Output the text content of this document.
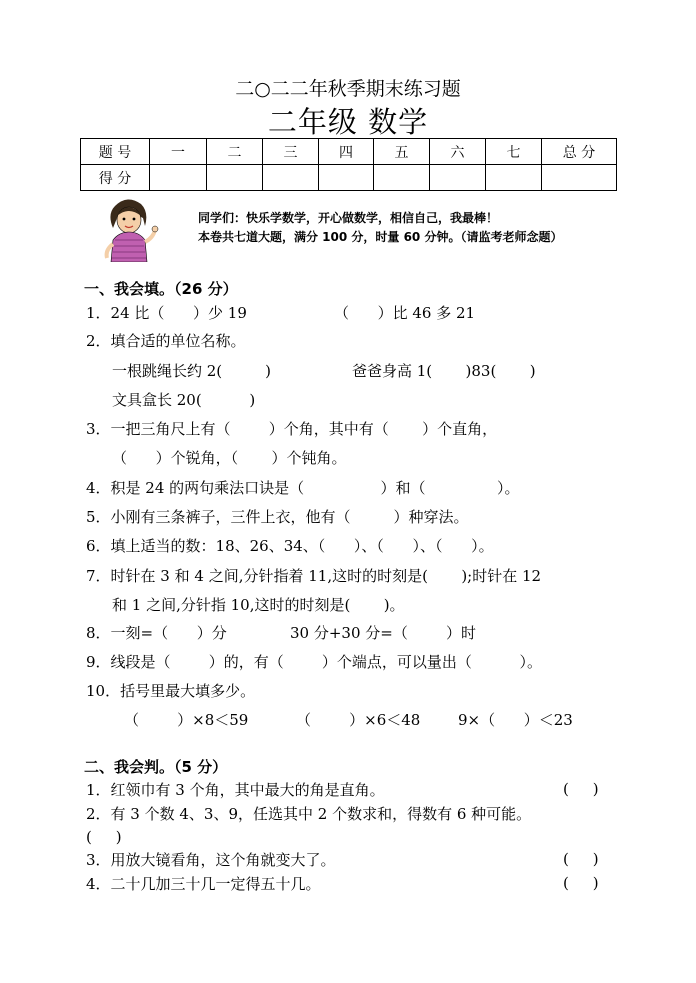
二○二二年秋季期末练习题
二年级 数学
题 号	一	二	三	四	五	六	七	总 分
得 分								
同学们：快乐学数学，开心做数学，相信自己，我最棒！
本卷共七道大题，满分 100 分，时量 60 分钟。（请监考老师念题）
一、我会填。（26 分）
1．24 比（      ）少 19	（      ）比 46 多 21
2．填合适的单位名称。
一根跳绳长约 2(         )	爸爸身高 1(       )83(       )
文具盒长 20(          )
3．一把三角尺上有（        ）个角，其中有（       ）个直角，
（      ）个锐角，（       ）个钝角。
4．积是 24 的两句乘法口诀是（                ）和（               ）。
5．小刚有三条裤子，三件上衣，他有（         ）种穿法。
6．填上适当的数：18、26、34、（      ）、（      ）、（      ）。
7．时针在 3 和 4 之间,分针指着 11,这时的时刻是(       );时针在 12
和 1 之间,分针指 10,这时的时刻是(       )。
8．一刻=（      ）分	30 分+30 分=（        ）时
9．线段是（        ）的，有（        ）个端点，可以量出（          ）。
10．括号里最大填多少。
（        ）×8＜59	（        ）×6＜48	9×（      ）＜23
二、我会判。（5 分）
1．红领巾有 3 个角，其中最大的角是直角。	(     )
2．有 3 个数 4、3、9，任选其中 2 个数求和，得数有 6 种可能。
(     )
3．用放大镜看角，这个角就变大了。	(     )
4．二十几加三十几一定得五十几。	(     )
